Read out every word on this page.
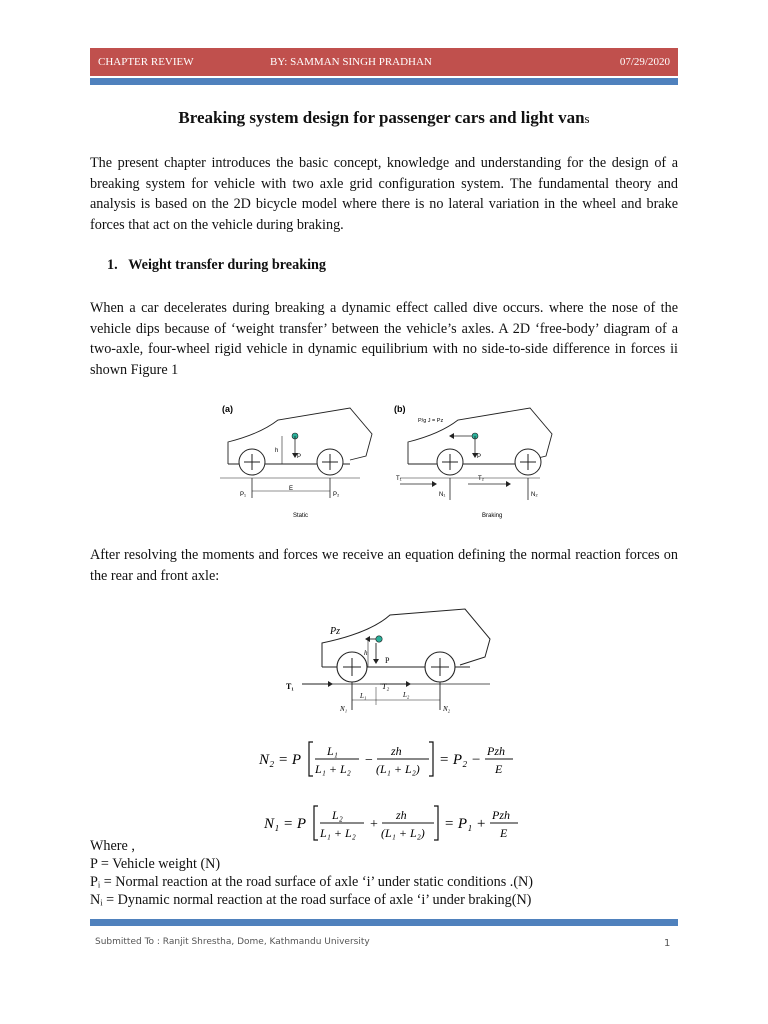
CHAPTER REVIEW	BY: SAMMAN SINGH PRADHAN	07/29/2020
Breaking system design for passenger cars and light vans
The present chapter introduces the basic concept, knowledge and understanding for the design of a breaking system for vehicle with two axle grid configuration system. The fundamental theory and analysis is based on the 2D bicycle model where there is no lateral variation in the wheel and brake forces that act on the vehicle during braking.
1. Weight transfer during breaking
When a car decelerates during breaking a dynamic effect called dive occurs. where the nose of the vehicle dips because of ‘weight transfer’ between the vehicle’s axles. A 2D ‘free-body’ diagram of a two-axle, four-wheel rigid vehicle in dynamic equilibrium with no side-to-side difference in forces ii shown Figure 1
(a)
h
P
E
P₁	P₂
Static
(b)
P/g J = Pz
P
T₁	T₂
N₁	N₂
Braking
After resolving the moments and forces we receive an equation defining the normal reaction forces on the rear and front axle:
Pz
h
P
T₁	T₂
L₁	L₂
N₁	N₂
N₂ = P
L₁
L₁ + L₂
−
zh
(L₁ + L₂)
= P₂ −
Pzh
E
N₁ = P
L₂
L₁ + L₂
+
zh
(L₁ + L₂)
= P₁ +
Pzh
E
Where ,
P = Vehicle weight (N)
Pᵢ = Normal reaction at the road surface of axle ‘i’ under static conditions .(N)
Nᵢ = Dynamic normal reaction at the road surface of axle ‘i’ under braking(N)
Submitted To : Ranjit Shrestha, Dome, Kathmandu University	1
